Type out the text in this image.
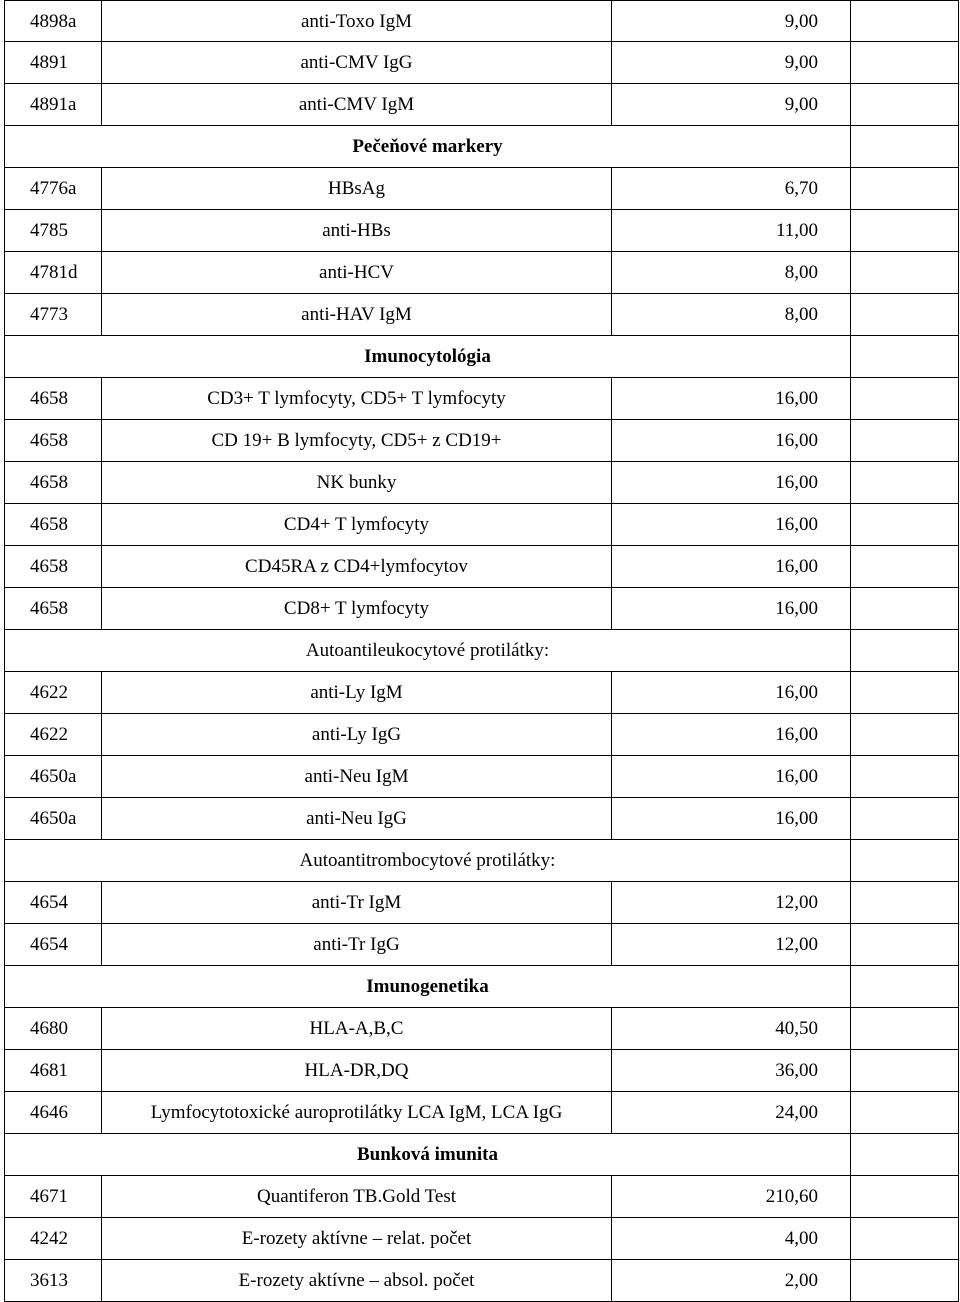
4898a	anti-Toxo IgM	9,00	
4891	anti-CMV IgG	9,00	
4891a	anti-CMV IgM	9,00	
Pečeňové markery			
4776a	HBsAg	6,70	
4785	anti-HBs	11,00	
4781d	anti-HCV	8,00	
4773	anti-HAV IgM	8,00	
Imunocytológia			
4658	CD3+ T lymfocyty, CD5+ T lymfocyty	16,00	
4658	CD 19+ B lymfocyty, CD5+ z CD19+	16,00	
4658	NK bunky	16,00	
4658	CD4+ T lymfocyty	16,00	
4658	CD45RA z CD4+lymfocytov	16,00	
4658	CD8+ T lymfocyty	16,00	
Autoantileukocytové protilátky:			
4622	anti-Ly IgM	16,00	
4622	anti-Ly IgG	16,00	
4650a	anti-Neu IgM	16,00	
4650a	anti-Neu IgG	16,00	
Autoantitrombocytové protilátky:			
4654	anti-Tr IgM	12,00	
4654	anti-Tr IgG	12,00	
Imunogenetika			
4680	HLA-A,B,C	40,50	
4681	HLA-DR,DQ	36,00	
4646	Lymfocytotoxické auroprotilátky LCA IgM, LCA IgG	24,00	
Bunková imunita			
4671	Quantiferon TB.Gold Test	210,60	
4242	E-rozety aktívne – relat. počet	4,00	
3613	E-rozety aktívne – absol. počet	2,00	
